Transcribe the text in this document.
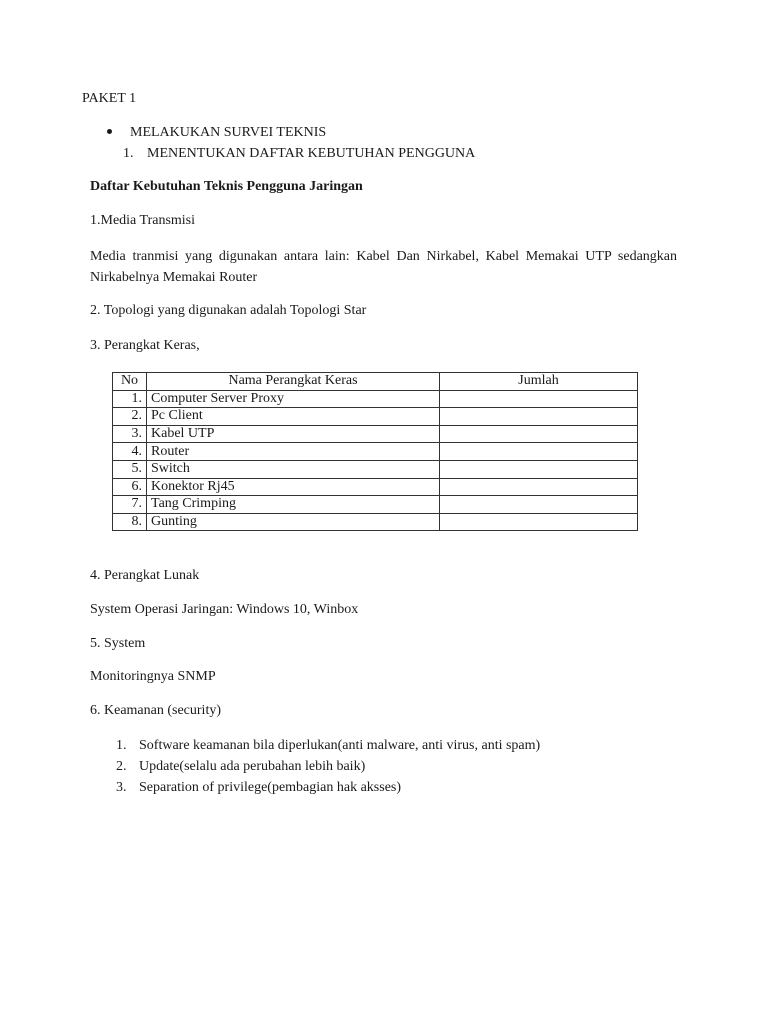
PAKET 1
MELAKUKAN SURVEI TEKNIS
1. MENENTUKAN DAFTAR KEBUTUHAN PENGGUNA
Daftar Kebutuhan Teknis Pengguna Jaringan
1.Media Transmisi
Media tranmisi yang digunakan antara lain: Kabel Dan Nirkabel, Kabel Memakai UTP sedangkan Nirkabelnya Memakai Router
2. Topologi yang digunakan adalah Topologi Star
3. Perangkat Keras,
No	Nama Perangkat Keras	Jumlah
1.	Computer Server Proxy	
2.	Pc Client	
3.	Kabel UTP	
4.	Router	
5.	Switch	
6.	Konektor Rj45	
7.	Tang Crimping	
8.	Gunting	
4. Perangkat Lunak
System Operasi Jaringan: Windows 10, Winbox
5. System
Monitoringnya SNMP
6. Keamanan (security)
1. Software keamanan bila diperlukan(anti malware, anti virus, anti spam)
2. Update(selalu ada perubahan lebih baik)
3. Separation of privilege(pembagian hak aksses)
